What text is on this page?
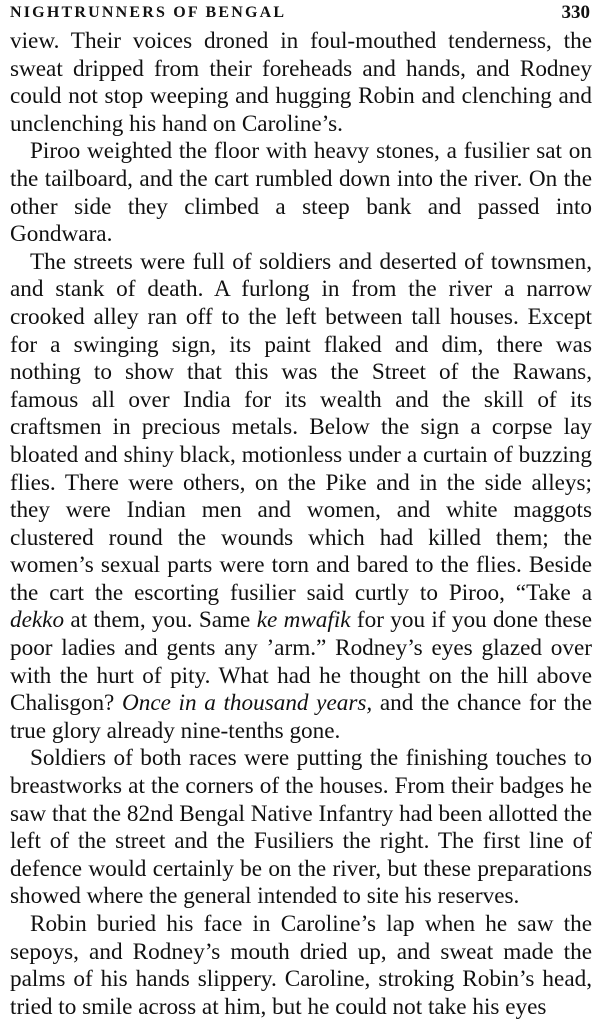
NIGHTRUNNERS OF BENGAL	330

view. Their voices droned in foul-mouthed tenderness, the sweat dripped from their foreheads and hands, and Rodney could not stop weeping and hugging Robin and clenching and unclenching his hand on Caroline’s.

Piroo weighted the floor with heavy stones, a fusilier sat on the tailboard, and the cart rumbled down into the river. On the other side they climbed a steep bank and passed into Gondwara.

The streets were full of soldiers and deserted of townsmen, and stank of death. A furlong in from the river a narrow crooked alley ran off to the left between tall houses. Except for a swinging sign, its paint flaked and dim, there was nothing to show that this was the Street of the Rawans, famous all over India for its wealth and the skill of its craftsmen in precious metals. Below the sign a corpse lay bloated and shiny black, motionless under a curtain of buzzing flies. There were others, on the Pike and in the side alleys; they were Indian men and women, and white maggots clustered round the wounds which had killed them; the women’s sexual parts were torn and bared to the flies. Beside the cart the escorting fusilier said curtly to Piroo, “Take a dekko at them, you. Same ke mwafik for you if you done these poor ladies and gents any ’arm.” Rodney’s eyes glazed over with the hurt of pity. What had he thought on the hill above Chalisgon? Once in a thousand years, and the chance for the true glory already nine-tenths gone.

Soldiers of both races were putting the finishing touches to breastworks at the corners of the houses. From their badges he saw that the 82nd Bengal Native Infantry had been allotted the left of the street and the Fusiliers the right. The first line of defence would certainly be on the river, but these preparations showed where the general intended to site his reserves.

Robin buried his face in Caroline’s lap when he saw the sepoys, and Rodney’s mouth dried up, and sweat made the palms of his hands slippery. Caroline, stroking Robin’s head, tried to smile across at him, but he could not take his eyes
